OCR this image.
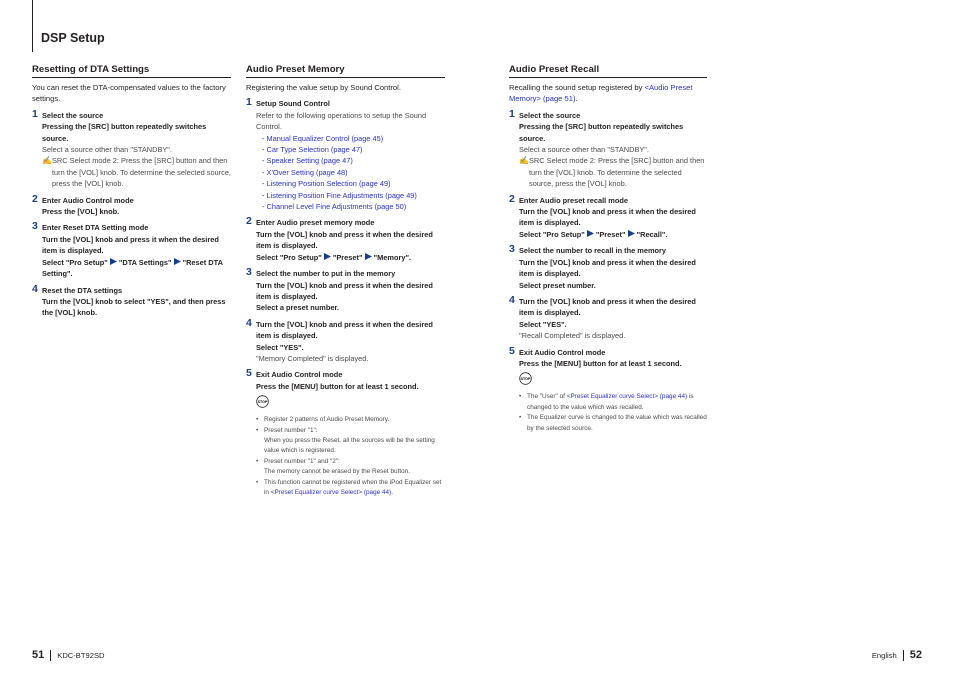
DSP Setup
Resetting of DTA Settings
You can reset the DTA-compensated values to the factory settings.
1 Select the source
Pressing the [SRC] button repeatedly switches source.
Select a source other than "STANDBY".
✍ SRC Select mode 2: Press the [SRC] button and then turn the [VOL] knob. To determine the selected source, press the [VOL] knob.
2 Enter Audio Control mode
Press the [VOL] knob.
3 Enter Reset DTA Setting mode
Turn the [VOL] knob and press it when the desired item is displayed.
Select "Pro Setup" "DTA Settings" "Reset DTA Setting".
4 Reset the DTA settings
Turn the [VOL] knob to select "YES", and then press the [VOL] knob.
Audio Preset Memory
Registering the value setup by Sound Control.
1 Setup Sound Control
Refer to the following operations to setup the Sound Control.
- Manual Equalizer Control (page 45)
- Car Type Selection (page 47)
- Speaker Setting (page 47)
- X'Over Setting (page 48)
- Listening Position Selection (page 49)
- Listening Position Fine Adjustments (page 49)
- Channel Level Fine Adjustments (page 50)
2 Enter Audio preset memory mode
Turn the [VOL] knob and press it when the desired item is displayed.
Select "Pro Setup" "Preset" "Memory".
3 Select the number to put in the memory
Turn the [VOL] knob and press it when the desired item is displayed.
Select a preset number.
4 Turn the [VOL] knob and press it when the desired item is displayed.
Select "YES".
"Memory Completed" is displayed.
5 Exit Audio Control mode
Press the [MENU] button for at least 1 second.
STOP
• Register 2 patterns of Audio Preset Memory.
• Preset number "1":
When you press the Reset, all the sources will be the setting value which is registered.
• Preset number "1" and "2":
The memory cannot be erased by the Reset button.
• This function cannot be registered when the iPod Equalizer set in <Preset Equalizer curve Select> (page 44).
Audio Preset Recall
Recalling the sound setup registered by <Audio Preset Memory> (page 51).
1 Select the source
Pressing the [SRC] button repeatedly switches source.
Select a source other than "STANDBY".
✍ SRC Select mode 2: Press the [SRC] button and then turn the [VOL] knob. To determine the selected source, press the [VOL] knob.
2 Enter Audio preset recall mode
Turn the [VOL] knob and press it when the desired item is displayed.
Select "Pro Setup" "Preset" "Recall".
3 Select the number to recall in the memory
Turn the [VOL] knob and press it when the desired item is displayed.
Select preset number.
4 Turn the [VOL] knob and press it when the desired item is displayed.
Select "YES".
"Recall Completed" is displayed.
5 Exit Audio Control mode
Press the [MENU] button for at least 1 second.
STOP
• The "User" of <Preset Equalizer curve Select> (page 44) is changed to the value which was recalled.
• The Equalizer curve is changed to the value which was recalled by the selected source.
51 KDC-BT92SD	English 52
